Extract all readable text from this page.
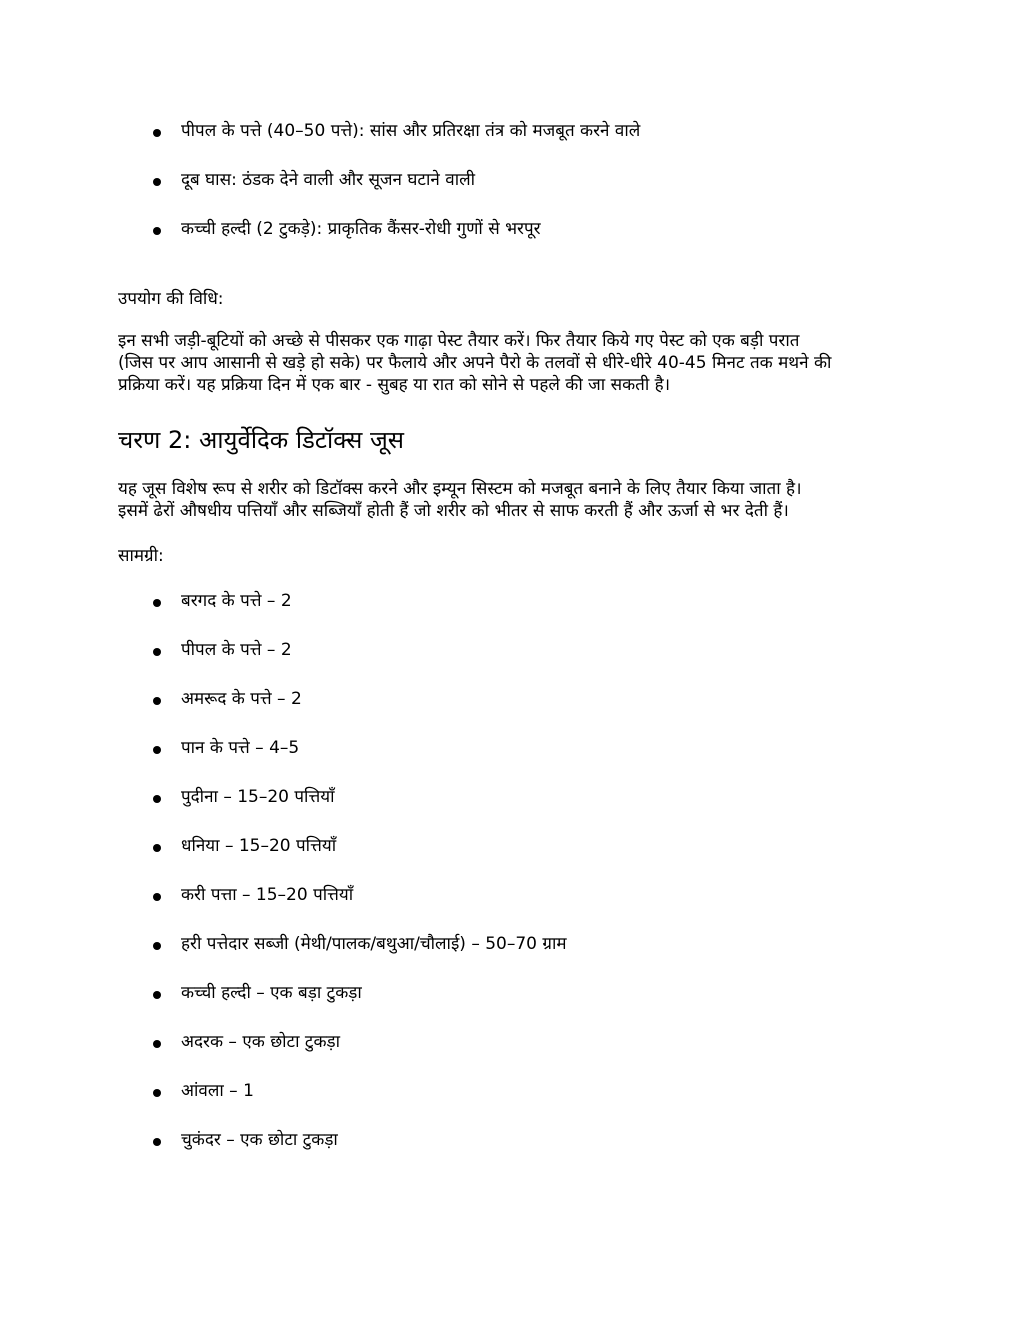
पीपल के पत्ते (40–50 पत्ते): सांस और प्रतिरक्षा तंत्र को मजबूत करने वाले
दूब घास: ठंडक देने वाली और सूजन घटाने वाली
कच्ची हल्दी (2 टुकड़े): प्राकृतिक कैंसर-रोधी गुणों से भरपूर

उपयोग की विधि:

इन सभी जड़ी-बूटियों को अच्छे से पीसकर एक गाढ़ा पेस्ट तैयार करें। फिर तैयार किये गए पेस्ट को एक बड़ी परात
(जिस पर आप आसानी से खड़े हो सके) पर फैलाये और अपने पैरो के तलवों से धीरे-धीरे 40-45 मिनट तक मथने की
प्रक्रिया करें। यह प्रक्रिया दिन में एक बार - सुबह या रात को सोने से पहले की जा सकती है।
चरण 2: आयुर्वेदिक डिटॉक्स जूस
यह जूस विशेष रूप से शरीर को डिटॉक्स करने और इम्यून सिस्टम को मजबूत बनाने के लिए तैयार किया जाता है।
इसमें ढेरों औषधीय पत्तियाँ और सब्जियाँ होती हैं जो शरीर को भीतर से साफ करती हैं और ऊर्जा से भर देती हैं।

सामग्री:

बरगद के पत्ते – 2
पीपल के पत्ते – 2
अमरूद के पत्ते – 2
पान के पत्ते – 4–5
पुदीना – 15–20 पत्तियाँ
धनिया – 15–20 पत्तियाँ
करी पत्ता – 15–20 पत्तियाँ
हरी पत्तेदार सब्जी (मेथी/पालक/बथुआ/चौलाई) – 50–70 ग्राम
कच्ची हल्दी – एक बड़ा टुकड़ा
अदरक – एक छोटा टुकड़ा
आंवला – 1
चुकंदर – एक छोटा टुकड़ा
